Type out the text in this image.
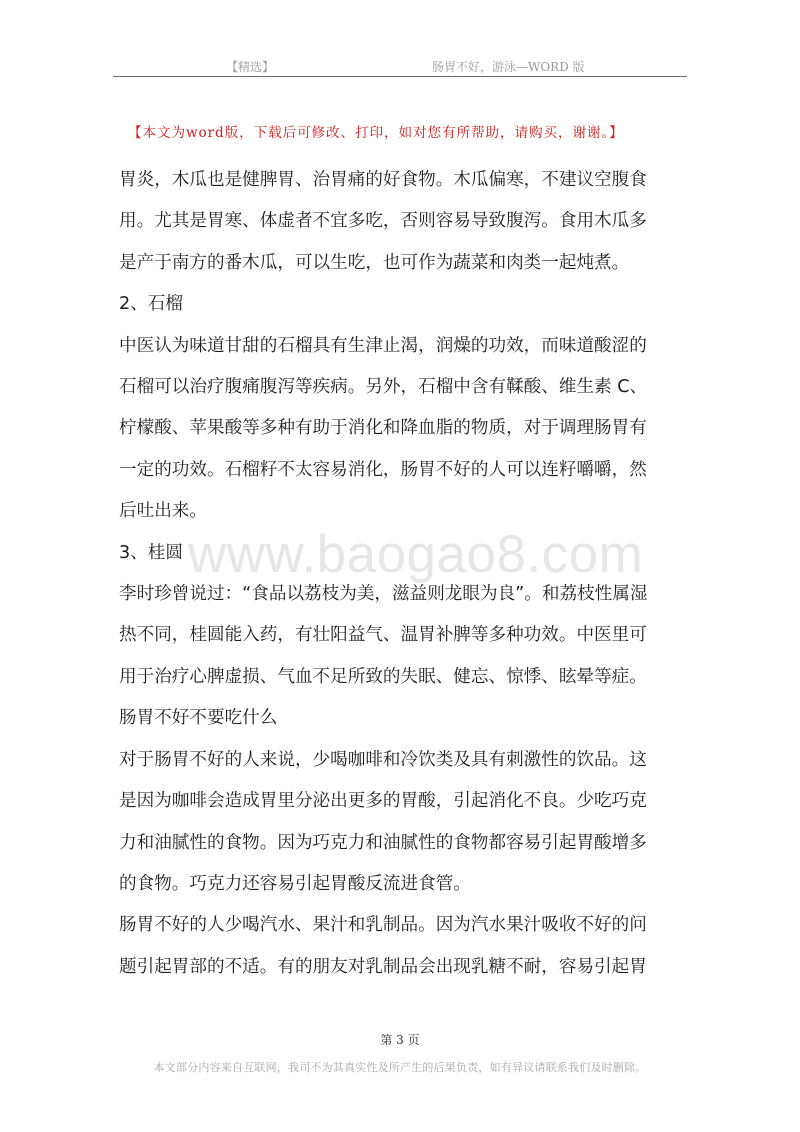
【精选】	肠胃不好，游泳—WORD 版
【本文为word版，下载后可修改、打印，如对您有所帮助，请购买，谢谢。】
www.baogao8.com

胃炎，木瓜也是健脾胃、治胃痛的好食物。木瓜偏寒，不建议空腹食

用。尤其是胃寒、体虚者不宜多吃，否则容易导致腹泻。食用木瓜多

是产于南方的番木瓜，可以生吃，也可作为蔬菜和肉类一起炖煮。

2、石榴

中医认为味道甘甜的石榴具有生津止渴，润燥的功效，而味道酸涩的

石榴可以治疗腹痛腹泻等疾病。另外，石榴中含有鞣酸、维生素 C、

柠檬酸、苹果酸等多种有助于消化和降血脂的物质，对于调理肠胃有

一定的功效。石榴籽不太容易消化，肠胃不好的人可以连籽嚼嚼，然

后吐出来。

3、桂圆

李时珍曾说过：“食品以荔枝为美，滋益则龙眼为良”。和荔枝性属湿

热不同，桂圆能入药，有壮阳益气、温胃补脾等多种功效。中医里可

用于治疗心脾虚损、气血不足所致的失眠、健忘、惊悸、眩晕等症。

肠胃不好不要吃什么

对于肠胃不好的人来说，少喝咖啡和冷饮类及具有刺激性的饮品。这

是因为咖啡会造成胃里分泌出更多的胃酸，引起消化不良。少吃巧克

力和油腻性的食物。因为巧克力和油腻性的食物都容易引起胃酸增多

的食物。巧克力还容易引起胃酸反流进食管。

肠胃不好的人少喝汽水、果汁和乳制品。因为汽水果汁吸收不好的问

题引起胃部的不适。有的朋友对乳制品会出现乳糖不耐，容易引起胃

第 3 页
本文部分内容来自互联网，我司不为其真实性及所产生的后果负责，如有异议请联系我们及时删除。
